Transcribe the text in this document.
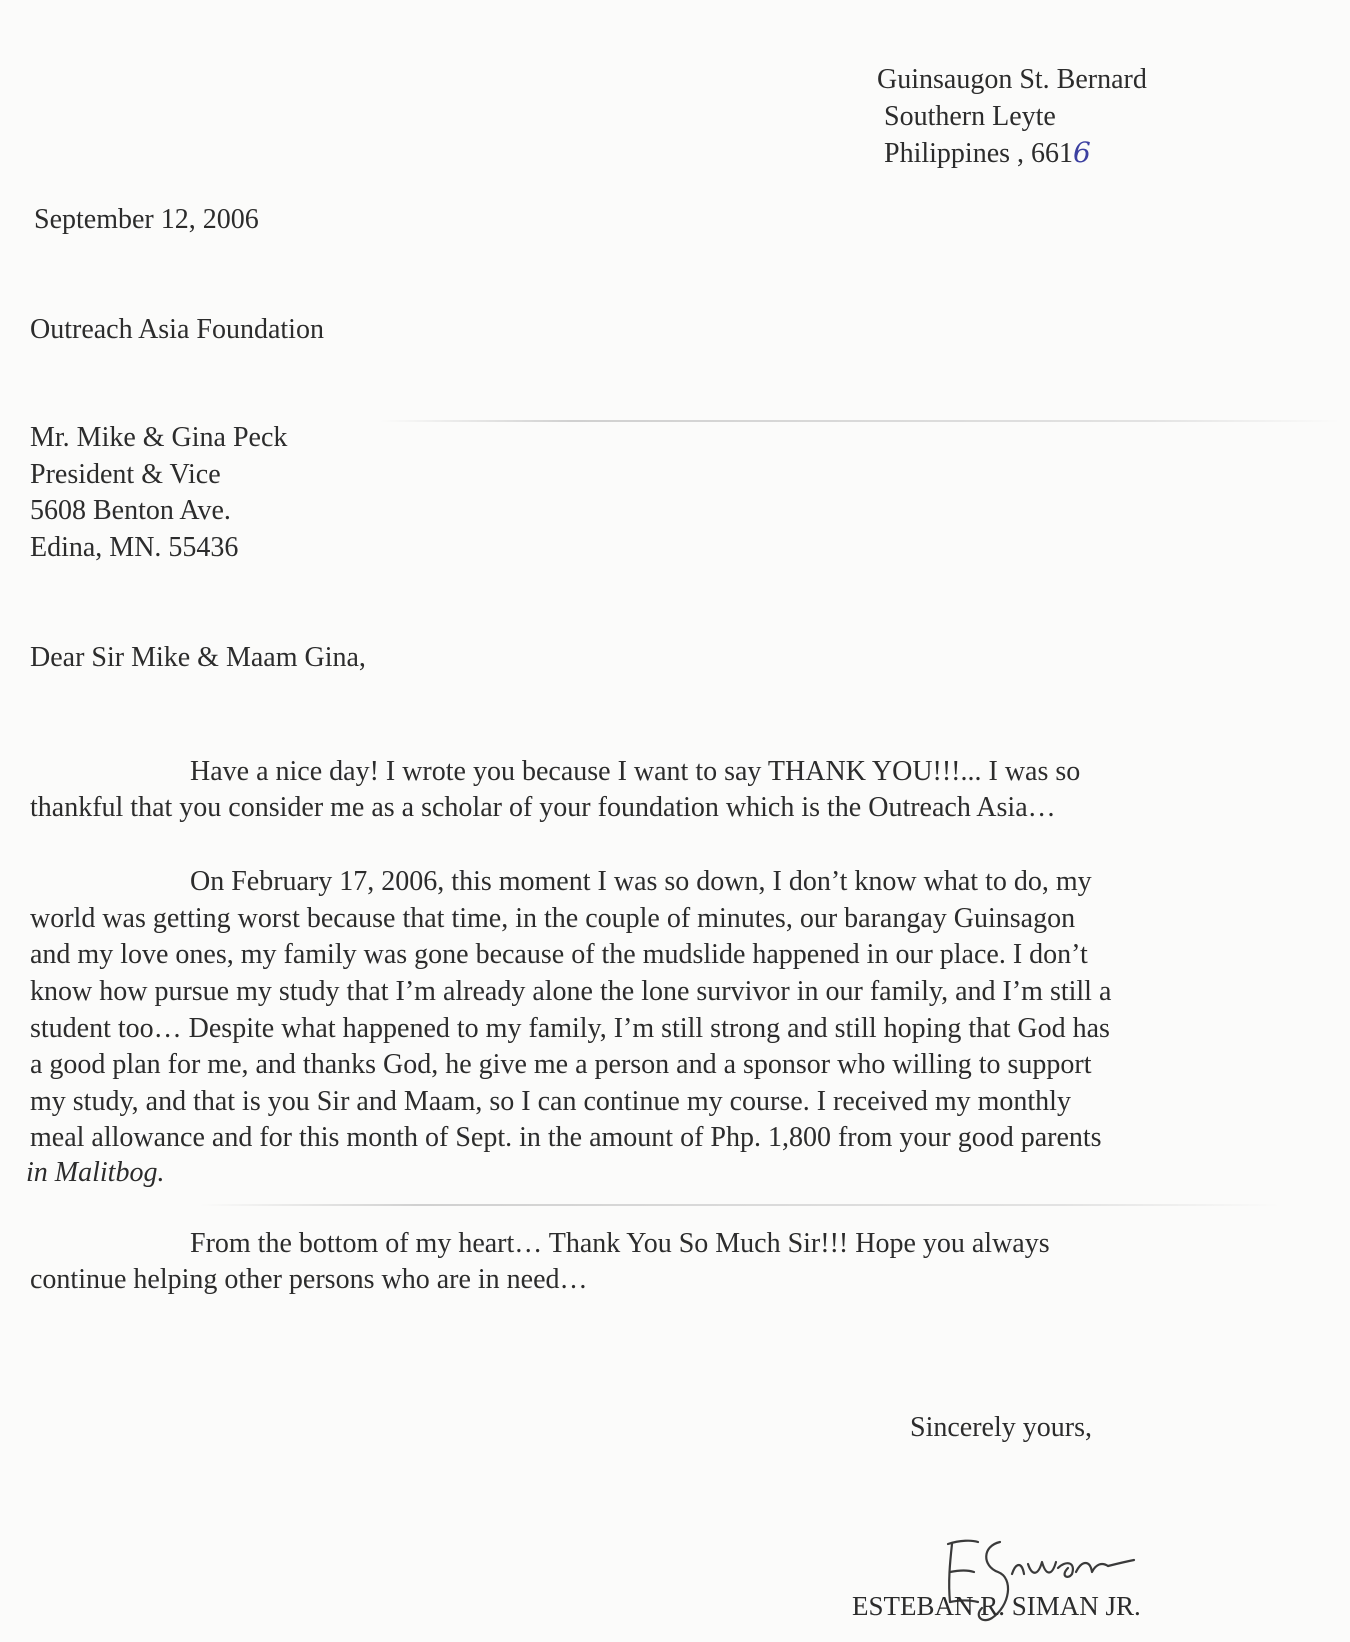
Guinsaugon St. Bernard
Southern Leyte
Philippines , 6616
September 12, 2006
Outreach Asia Foundation
Mr. Mike & Gina Peck
President & Vice
5608 Benton Ave.
Edina, MN. 55436
Dear Sir Mike & Maam Gina,
Have a nice day! I wrote you because I want to say THANK YOU!!!... I was so
thankful that you consider me as a scholar of your foundation which is the Outreach Asia…
On February 17, 2006, this moment I was so down, I don’t know what to do, my
world was getting worst because that time, in the couple of minutes, our barangay Guinsagon
and my love ones, my family was gone because of the mudslide happened in our place. I don’t
know how pursue my study that I’m already alone the lone survivor in our family, and I’m still a
student too… Despite what happened to my family, I’m still strong and still hoping that God has
a good plan for me, and thanks God, he give me a person and a sponsor who willing to support
my study, and that is you Sir and Maam, so I can continue my course. I received my monthly
meal allowance and for this month of Sept. in the amount of Php. 1,800 from your good parents
in Malitbog.
From the bottom of my heart… Thank You So Much Sir!!! Hope you always
continue helping other persons who are in need…
Sincerely yours,
ESTEBAN R. SIMAN JR.
